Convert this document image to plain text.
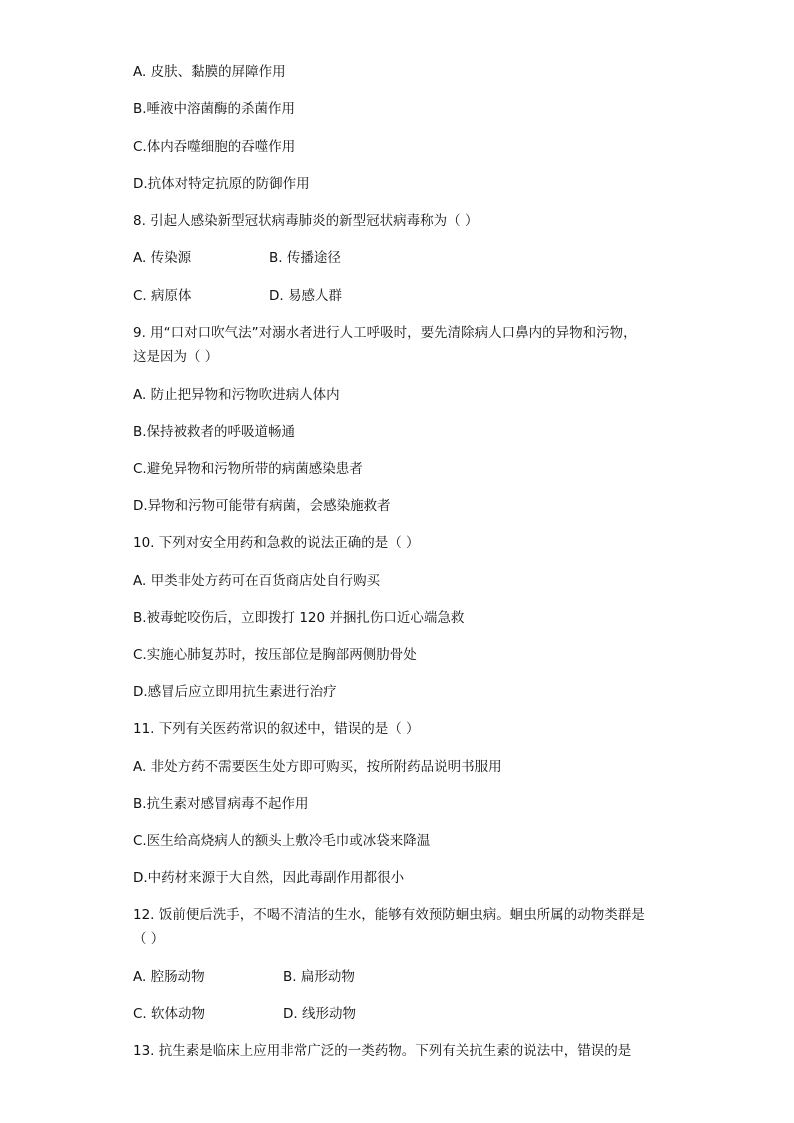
A. 皮肤、黏膜的屏障作用
B.唾液中溶菌酶的杀菌作用
C.体内吞噬细胞的吞噬作用
D.抗体对特定抗原的防御作用
8. 引起人感染新型冠状病毒肺炎的新型冠状病毒称为（ ）
A. 传染源	B. 传播途径
C. 病原体	D. 易感人群
9. 用“口对口吹气法”对溺水者进行人工呼吸时，要先清除病人口鼻内的异物和污物，
这是因为（ ）
A. 防止把异物和污物吹进病人体内
B.保持被救者的呼吸道畅通
C.避免异物和污物所带的病菌感染患者
D.异物和污物可能带有病菌，会感染施救者
10. 下列对安全用药和急救的说法正确的是（ ）
A. 甲类非处方药可在百货商店处自行购买
B.被毒蛇咬伤后，立即拨打 120 并捆扎伤口近心端急救
C.实施心肺复苏时，按压部位是胸部两侧肋骨处
D.感冒后应立即用抗生素进行治疗
11. 下列有关医药常识的叙述中，错误的是（ ）
A. 非处方药不需要医生处方即可购买，按所附药品说明书服用
B.抗生素对感冒病毒不起作用
C.医生给高烧病人的额头上敷冷毛巾或冰袋来降温
D.中药材来源于大自然，因此毒副作用都很小
12. 饭前便后洗手，不喝不清洁的生水，能够有效预防蛔虫病。蛔虫所属的动物类群是
（ ）
A. 腔肠动物	B. 扁形动物
C. 软体动物	D. 线形动物
13. 抗生素是临床上应用非常广泛的一类药物。下列有关抗生素的说法中，错误的是
